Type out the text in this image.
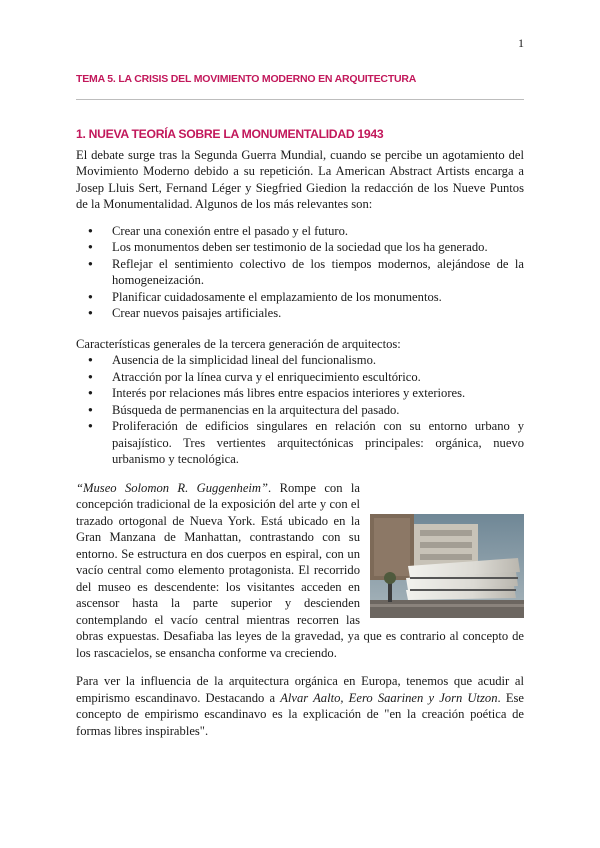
1
TEMA 5. LA CRISIS DEL MOVIMIENTO MODERNO EN ARQUITECTURA
1. NUEVA TEORÍA SOBRE LA MONUMENTALIDAD 1943

El debate surge tras la Segunda Guerra Mundial, cuando se percibe un agotamiento del Movimiento Moderno debido a su repetición. La American Abstract Artists encarga a Josep Lluis Sert, Fernand Léger y Siegfried Giedion la redacción de los Nueve Puntos de la Monumentalidad. Algunos de los más relevantes son:

● Crear una conexión entre el pasado y el futuro.
● Los monumentos deben ser testimonio de la sociedad que los ha generado.
● Reflejar el sentimiento colectivo de los tiempos modernos, alejándose de la homogeneización.
● Planificar cuidadosamente el emplazamiento de los monumentos.
● Crear nuevos paisajes artificiales.

Características generales de la tercera generación de arquitectos:

● Ausencia de la simplicidad lineal del funcionalismo.
● Atracción por la línea curva y el enriquecimiento escultórico.
● Interés por relaciones más libres entre espacios interiores y exteriores.
● Búsqueda de permanencias en la arquitectura del pasado.
● Proliferación de edificios singulares en relación con su entorno urbano y paisajístico. Tres vertientes arquitectónicas principales: orgánica, nuevo urbanismo y tecnológica.

“Museo Solomon R. Guggenheim”. Rompe con la concepción tradicional de la exposición del arte y con el trazado ortogonal de Nueva York. Está ubicado en la Gran Manzana de Manhattan, contrastando con su entorno. Se estructura en dos cuerpos en espiral, con un vacío central como elemento protagonista. El recorrido del museo es descendente: los visitantes acceden en ascensor hasta la parte superior y descienden contemplando el vacío central mientras recorren las obras expuestas. Desafiaba las leyes de la gravedad, ya que es contrario al concepto de los rascacielos, se ensancha conforme va creciendo.

Para ver la influencia de la arquitectura orgánica en Europa, tenemos que acudir al empirismo escandinavo. Destacando a Alvar Aalto, Eero Saarinen y Jorn Utzon. Ese concepto de empirismo escandinavo es la explicación de "en la creación poética de formas libres inspirables".
